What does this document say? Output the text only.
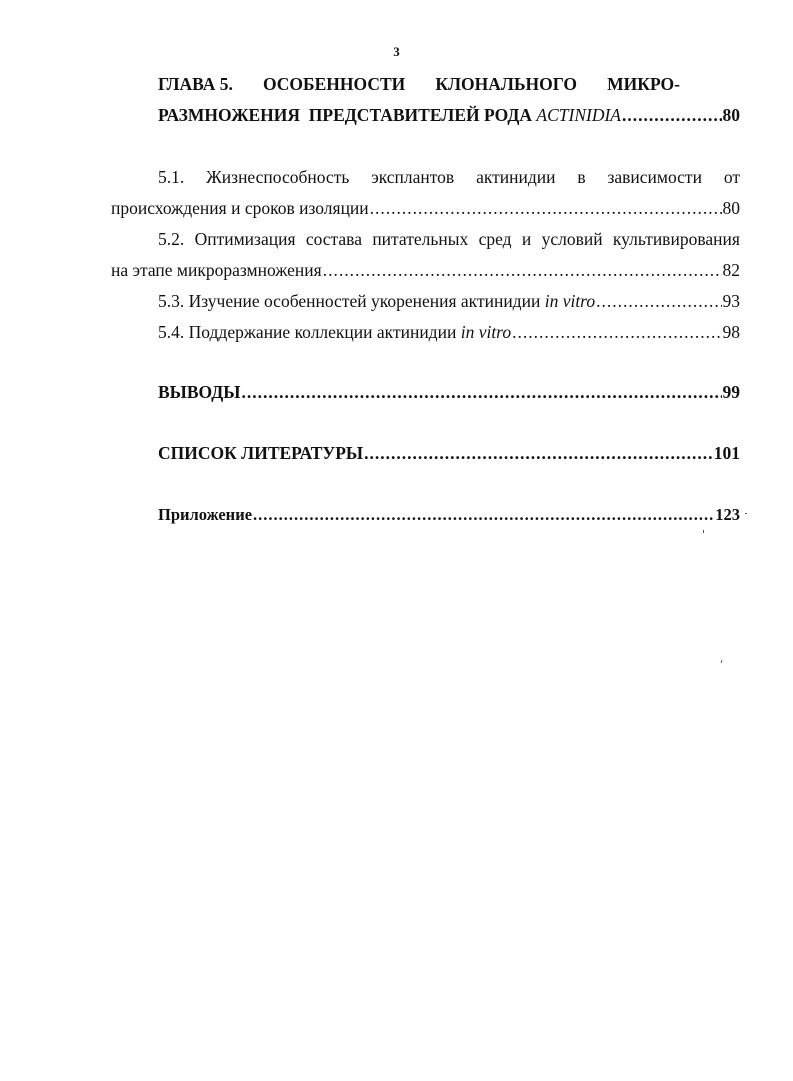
3
ГЛАВА 5. ОСОБЕННОСТИ КЛОНАЛЬНОГО МИКРО-
РАЗМНОЖЕНИЯ
ПРЕДСТАВИТЕЛЕЙ
РОДА
ACTINIDIA .....	80
5.1. Жизнеспособность эксплантов актинидии в зависимости от
происхождения и сроков изоляции .....	80
5.2. Оптимизация состава питательных сред и условий культивирования
на этапе микроразмножения .....	82
5.3. Изучение особенностей укоренения актинидии in vitro .....	93
5.4. Поддержание коллекции актинидии in vitro .....	98
ВЫВОДЫ .....	99
СПИСОК ЛИТЕРАТУРЫ .....	101
Приложение .....	123
